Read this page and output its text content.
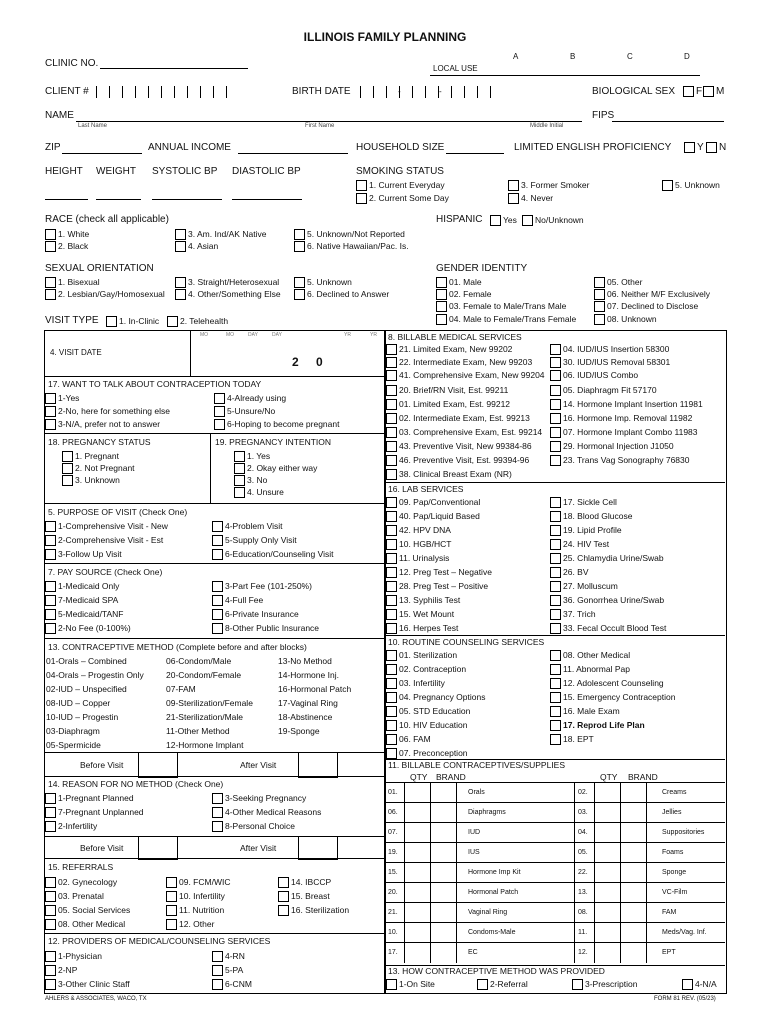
ILLINOIS FAMILY PLANNING
CLINIC NO.	LOCAL USE
A	B	C	D
CLIENT #	BIRTH DATE	-	-	BIOLOGICAL SEX	F	M
NAME
Last Name	First Name	Middle Initial
FIPS
ZIP	ANNUAL INCOME	HOUSEHOLD SIZE	LIMITED ENGLISH PROFICIENCY	Y	N
HEIGHT WEIGHT SYSTOLIC BP DIASTOLIC BP	SMOKING STATUS
1. Current Everyday
2. Current Some Day
3. Former Smoker
4. Never
5. Unknown
RACE (check all applicable)
1. White
2. Black
3. Am. Ind/AK Native
4. Asian
5. Unknown/Not Reported
6. Native Hawaiian/Pac. Is.
HISPANIC	Yes	No/Unknown
SEXUAL ORIENTATION
1. Bisexual
2. Lesbian/Gay/Homosexual
3. Straight/Heterosexual
4. Other/Something Else
5. Unknown
6. Declined to Answer
GENDER IDENTITY
01. Male
02. Female
03. Female to Male/Trans Male
04. Male to Female/Trans Female
05. Other
06. Neither M/F Exclusively
07. Declined to Disclose
08. Unknown
VISIT TYPE	1. In-Clinic	2. Telehealth
MO	MO	DAY	DAY	YR	YR
4. VISIT DATE
2 0
17. WANT TO TALK ABOUT CONTRACEPTION TODAY
1-Yes
2-No, here for something else
3-N/A, prefer not to answer
4-Already using
5-Unsure/No
6-Hoping to become pregnant
18. PREGNANCY STATUS
1. Pregnant
2. Not Pregnant
3. Unknown
19. PREGNANCY INTENTION
1. Yes
2. Okay either way
3. No
4. Unsure
5. PURPOSE OF VISIT (Check One)
1-Comprehensive Visit - New
2-Comprehensive Visit - Est
3-Follow Up Visit
4-Problem Visit
5-Supply Only Visit
6-Education/Counseling Visit
7. PAY SOURCE (Check One)
1-Medicaid Only
7-Medicaid SPA
5-Medicaid/TANF
2-No Fee (0-100%)
3-Part Fee (101-250%)
4-Full Fee
6-Private Insurance
8-Other Public Insurance
13. CONTRACEPTIVE METHOD (Complete before and after blocks)
01-Orals – Combined
04-Orals – Progestin Only
02-IUD – Unspecified
08-IUD – Copper
10-IUD – Progestin
03-Diaphragm
05-Spermicide
06-Condom/Male
20-Condom/Female
07-FAM
09-Sterilization/Female
21-Sterilization/Male
11-Other Method
12-Hormone Implant
13-No Method
14-Hormone Inj.
16-Hormonal Patch
17-Vaginal Ring
18-Abstinence
19-Sponge
Before Visit	After Visit
14. REASON FOR NO METHOD (Check One)
1-Pregnant Planned
7-Pregnant Unplanned
2-Infertility
3-Seeking Pregnancy
4-Other Medical Reasons
8-Personal Choice
Before Visit	After Visit
15. REFERRALS
02. Gynecology
03. Prenatal
05. Social Services
08. Other Medical
09. FCM/WIC
10. Infertility
11. Nutrition
12. Other
14. IBCCP
15. Breast
16. Sterilization
12. PROVIDERS OF MEDICAL/COUNSELING SERVICES
1-Physician
2-NP
3-Other Clinic Staff
4-RN
5-PA
6-CNM
8. BILLABLE MEDICAL SERVICES
21. Limited Exam, New 99202
22. Intermediate Exam, New 99203
41. Comprehensive Exam, New 99204
20. Brief/RN Visit, Est. 99211
01. Limited Exam, Est. 99212
02. Intermediate Exam, Est. 99213
03. Comprehensive Exam, Est. 99214
43. Preventive Visit, New 99384-86
46. Preventive Visit, Est. 99394-96
38. Clinical Breast Exam (NR)
04. IUD/IUS Insertion 58300
30. IUD/IUS Removal 58301
06. IUD/IUS Combo
05. Diaphragm Fit 57170
14. Hormone Implant Insertion 11981
16. Hormone Imp. Removal 11982
07. Hormone Implant Combo 11983
29. Hormonal Injection J1050
23. Trans Vag Sonography 76830
16. LAB SERVICES
09. Pap/Conventional
40. Pap/Liquid Based
42. HPV DNA
10. HGB/HCT
11. Urinalysis
12. Preg Test – Negative
28. Preg Test – Positive
13. Syphilis Test
15. Wet Mount
16. Herpes Test
17. Sickle Cell
18. Blood Glucose
19. Lipid Profile
24. HIV Test
25. Chlamydia Urine/Swab
26. BV
27. Molluscum
36. Gonorrhea Urine/Swab
37. Trich
33. Fecal Occult Blood Test
10. ROUTINE COUNSELING SERVICES
01. Sterilization
02. Contraception
03. Infertility
04. Pregnancy Options
05. STD Education
10. HIV Education
06. FAM
07. Preconception
08. Other Medical
11. Abnormal Pap
12. Adolescent Counseling
15. Emergency Contraception
16. Male Exam
17. Reprod Life Plan
18. EPT
11. BILLABLE CONTRACEPTIVES/SUPPLIES
QTY BRAND	QTY BRAND
01.	Orals	02.	Creams
06.	Diaphragms	03.	Jellies
07.	IUD	04.	Suppositories
19.	IUS	05.	Foams
15.	Hormone Imp Kit	22.	Sponge
20.	Hormonal Patch	13.	VC-Film
21.	Vaginal Ring	08.	FAM
10.	Condoms-Male	11.	Meds/Vag. Inf.
17.	EC	12.	EPT
13. HOW CONTRACEPTIVE METHOD WAS PROVIDED
1-On Site	2-Referral	3-Prescription	4-N/A
AHLERS & ASSOCIATES, WACO, TX	FORM 81 REV. (05/23)
